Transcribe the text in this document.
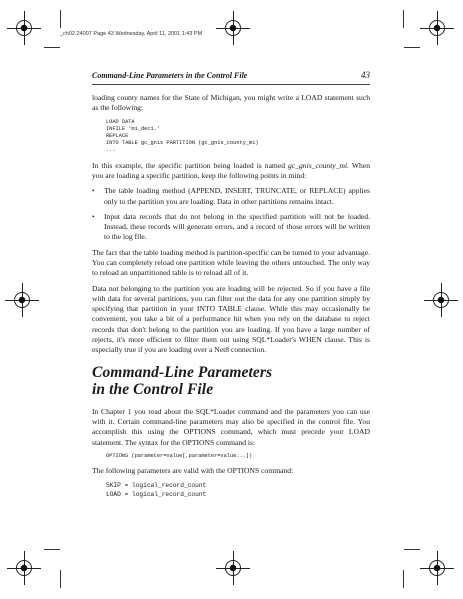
_ch02.24007 Page 43 Wednesday, April 11, 2001 1:43 PM
Command-Line Parameters in the Control File	43

loading county names for the State of Michigan, you might write a LOAD statement such as the following:

LOAD DATA
INFILE 'mi_deci.'
REPLACE
INTO TABLE gc_gnis PARTITION (gc_gnis_county_mi)
...

In this example, the specific partition being loaded is named gc_gnis_county_mi. When you are loading a specific partition, keep the following points in mind:

•	The table loading method (APPEND, INSERT, TRUNCATE, or REPLACE) applies only to the partition you are loading. Data in other partitions remains intact.
•	Input data records that do not belong in the specified partition will not be loaded. Instead, these records will generate errors, and a record of those errors will be written to the log file.

The fact that the table loading method is partition-specific can be turned to your advantage. You can completely reload one partition while leaving the others untouched. The only way to reload an unpartitioned table is to reload all of it.

Data not belonging to the partition you are loading will be rejected. So if you have a file with data for several partitions, you can filter out the data for any one partition simply by specifying that partition in your INTO TABLE clause. While this may occasionally be convenient, you take a bit of a performance hit when you rely on the database to reject records that don't belong to the partition you are loading. If you have a large number of rejects, it's more efficient to filter them out using SQL*Loader's WHEN clause. This is especially true if you are loading over a Net8 connection.

Command-Line Parameters
in the Control File

In Chapter 1 you read about the SQL*Loader command and the parameters you can use with it. Certain command-line parameters may also be specified in the control file. You accomplish this using the OPTIONS command, which must precede your LOAD statement. The syntax for the OPTIONS command is:

OPTIONS (parameter=value[,parameter=value...])

The following parameters are valid with the OPTIONS command:

SKIP = logical_record_count
LOAD = logical_record_count
